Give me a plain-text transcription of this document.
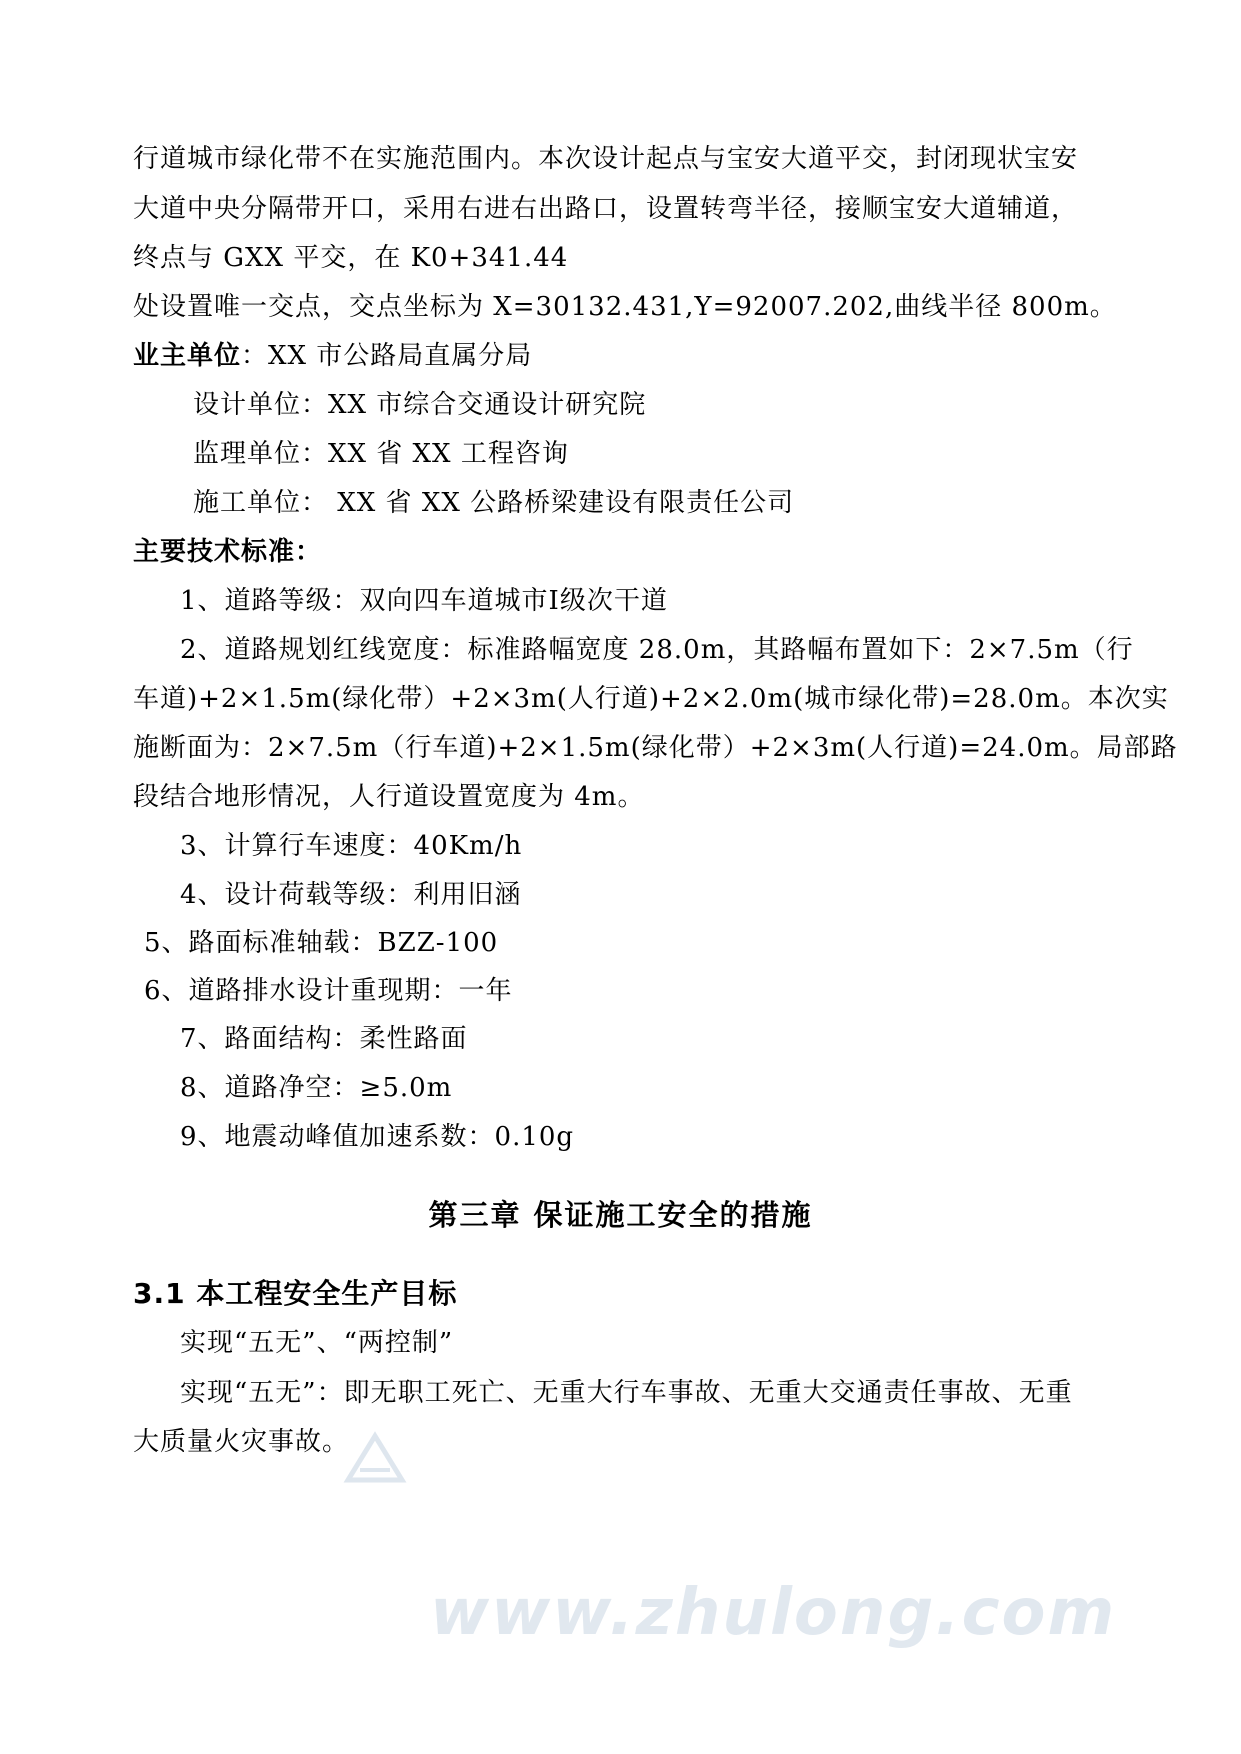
行道城市绿化带不在实施范围内。本次设计起点与宝安大道平交，封闭现状宝安
大道中央分隔带开口，采用右进右出路口，设置转弯半径，接顺宝安大道辅道，
终点与 GXX 平交，在 K0+341.44
处设置唯一交点，交点坐标为 X=30132.431,Y=92007.202,曲线半径 800m。
业主单位：XX 市公路局直属分局
设计单位：XX 市综合交通设计研究院
监理单位：XX 省 XX 工程咨询
施工单位： XX 省 XX 公路桥梁建设有限责任公司
主要技术标准：
1、道路等级：双向四车道城市Ⅰ级次干道
2、道路规划红线宽度：标准路幅宽度 28.0m，其路幅布置如下：2×7.5m（行
车道)+2×1.5m(绿化带）+2×3m(人行道)+2×2.0m(城市绿化带)=28.0m。本次实
施断面为：2×7.5m（行车道)+2×1.5m(绿化带）+2×3m(人行道)=24.0m。局部路
段结合地形情况，人行道设置宽度为 4m。
3、计算行车速度：40Km/h
4、设计荷载等级：利用旧涵
5、路面标准轴载：BZZ-100
6、道路排水设计重现期：一年
7、路面结构：柔性路面
8、道路净空：≥5.0m
9、地震动峰值加速系数：0.10g
第三章 保证施工安全的措施
3.1 本工程安全生产目标
实现“五无”、“两控制”
实现“五无”：即无职工死亡、无重大行车事故、无重大交通责任事故、无重
大质量火灾事故。
www.zhulong.com
